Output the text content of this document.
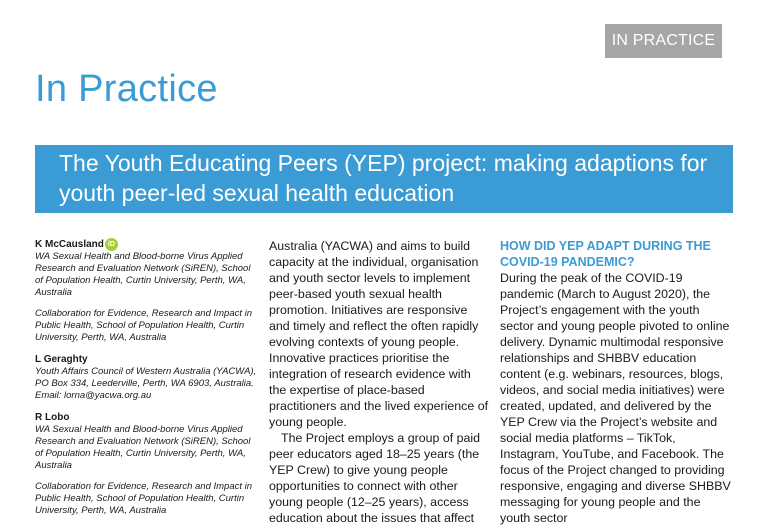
IN PRACTICE
In Practice
The Youth Educating Peers (YEP) project: making adaptions for youth peer-led sexual health education

K McCausland iD

WA Sexual Health and Blood-borne Virus Applied Research and Evaluation Network (SiREN), School of Population Health, Curtin University, Perth, WA, Australia

Collaboration for Evidence, Research and Impact in Public Health, School of Population Health, Curtin University, Perth, WA, Australia

L Geraghty

Youth Affairs Council of Western Australia (YACWA), PO Box 334, Leederville, Perth, WA 6903, Australia. Email: lorna@yacwa.org.au

R Lobo

WA Sexual Health and Blood-borne Virus Applied Research and Evaluation Network (SiREN), School of Population Health, Curtin University, Perth, WA, Australia

Collaboration for Evidence, Research and Impact in Public Health, School of Population Health, Curtin University, Perth, WA, Australia

Australia (YACWA) and aims to build capacity at the individual, organisation and youth sector levels to implement peer-based youth sexual health promotion. Initiatives are responsive and timely and reflect the often rapidly evolving contexts of young people. Innovative practices prioritise the integration of research evidence with the expertise of place-based practitioners and the lived experience of young people.

The Project employs a group of paid peer educators aged 18–25 years (the YEP Crew) to give young people opportunities to connect with other young people (12–25 years), access education about the issues that affect

HOW DID YEP ADAPT DURING THE COVID-19 PANDEMIC?

During the peak of the COVID-19 pandemic (March to August 2020), the Project’s engagement with the youth sector and young people pivoted to online delivery. Dynamic multimodal responsive relationships and SHBBV education content (e.g. webinars, resources, blogs, videos, and social media initiatives) were created, updated, and delivered by the YEP Crew via the Project’s website and social media platforms – TikTok, Instagram, YouTube, and Facebook. The focus of the Project changed to providing responsive, engaging and diverse SHBBV messaging for young people and the youth sector
